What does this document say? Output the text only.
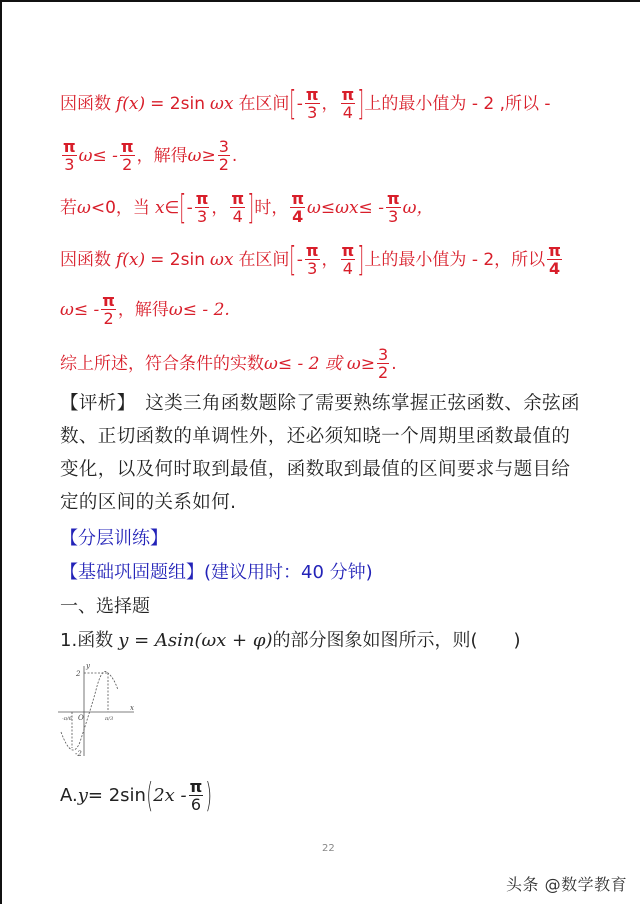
因函数 f(x) = 2sin ωx 在区间 [ - $\frac{\pi}{3}$ ， $\frac{\pi}{4}$ ] 上的最小值为 - 2 ,所以 -
$\frac{\pi}{3} \omega\le - \frac{\pi}{2}$ ，解得 $\omega\ge \frac{3}{2}$ .
若 ω <0，当 x ∈ [ - $\frac{\pi}{3}$ ， $\frac{\pi}{4}$ ] 时， $\frac{\pi}{4} \omega\le\omega x\le - \frac{\pi}{3}$ ω，
因函数 f(x) = 2sin ωx 在区间 [ - $\frac{\pi}{3}$ ， $\frac{\pi}{4}$ ] 上的最小值为 - 2，所以 $\frac{\pi}{4}$
$\omega\le - \frac{\pi}{2}$ ，解得 ω≤ - 2.
综上所述，符合条件的实数 ω≤ - 2 或 $\omega\ge \frac{3}{2}$ .
【评析】　这类三角函数题除了需要熟练掌握正弦函数、余弦函数、正切函数的单调性外，还必须知晓一个周期里函数最值的变化，以及何时取到最值，函数取到最值的区间要求与题目给定的区间的关系如何.
【分层训练】
【基础巩固题组】(建议用时：40 分钟)
一、选择题
1. 函数 y = Asin(ωx + φ) 的部分图象如图所示，则(　　)
y
2
-2
-π/6 O	π/3
x
A. y = 2sin ( $2x - \frac{\pi}{6}$ )
22
头条 @数学教育
